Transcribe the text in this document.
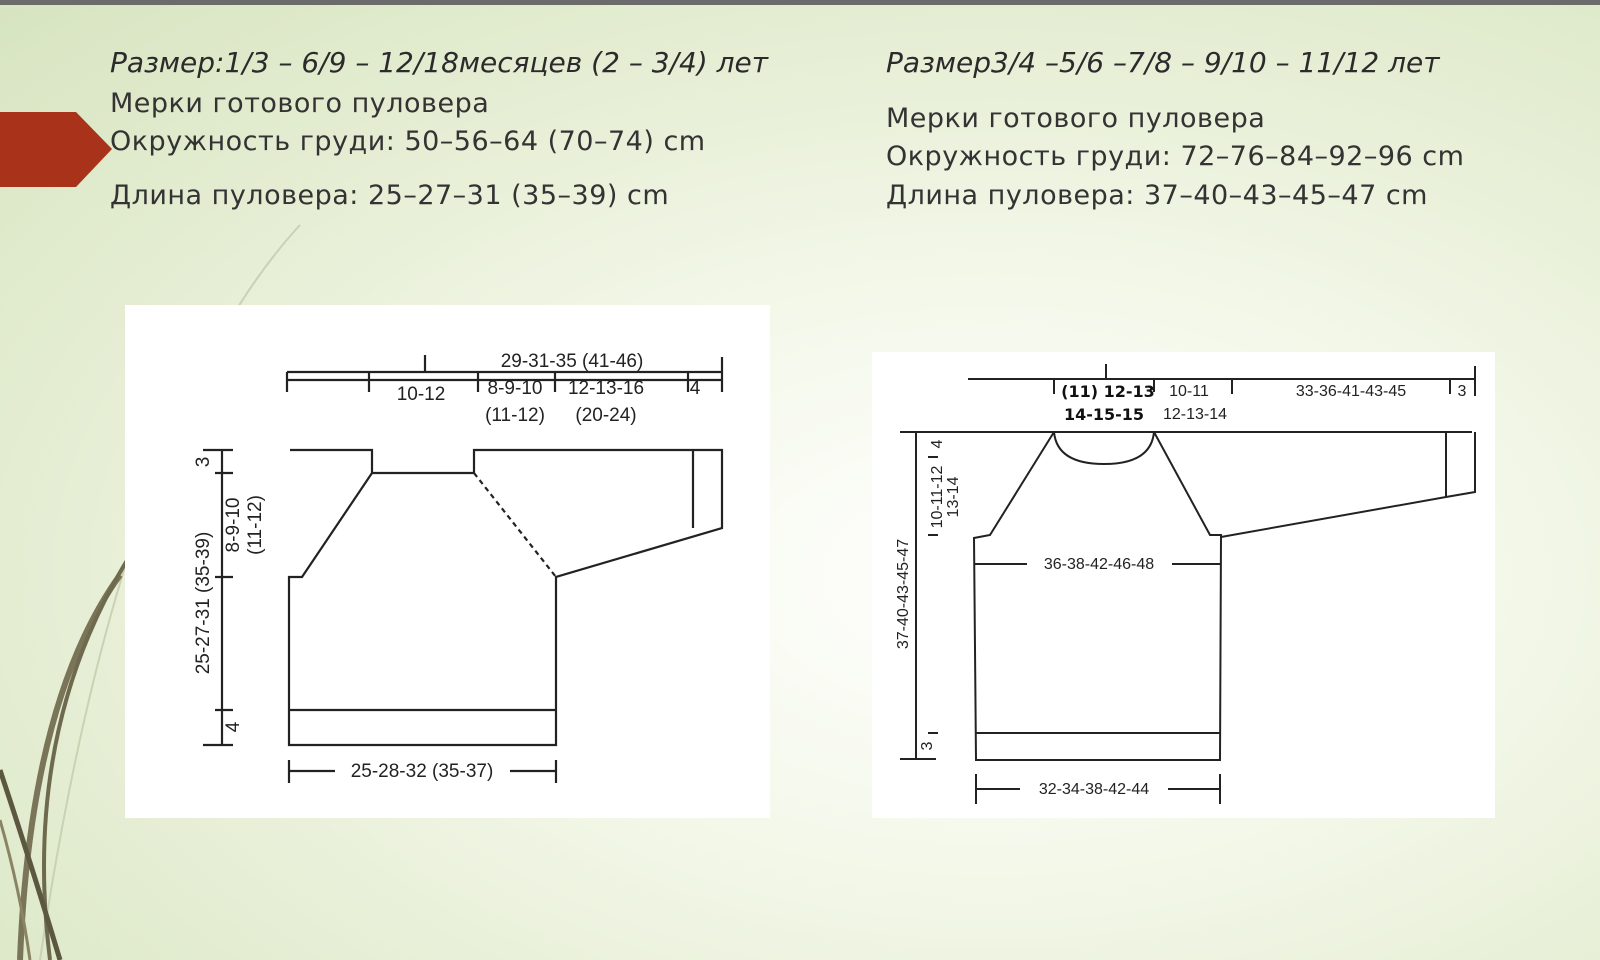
Размер:1/3 – 6/9 – 12/18месяцев (2 – 3/4) лет
Мерки готового пуловера
Окружность груди: 50–56–64 (70–74) cm
Длина пуловера: 25–27–31 (35–39) cm
Размер3/4 –5/6 –7/8 – 9/10 – 11/12 лет
Мерки готового пуловера
Окружность груди: 72–76–84–92–96 cm
Длина пуловера: 37–40–43–45–47 cm
29-31-35 (41-46)
10-12 8-9-10
(11-12)
12-13-16
(20-24)
4
3
8-9-10 (11-12)
25-27-31 (35-39)
4
25-28-32 (35-37)
(11) 12-13
14-15-15
10-11
12-13-14
33-36-41-43-45	3
4
10-11-12 13-14
36-38-42-46-48
37-40-43-45-47
3
32-34-38-42-44
